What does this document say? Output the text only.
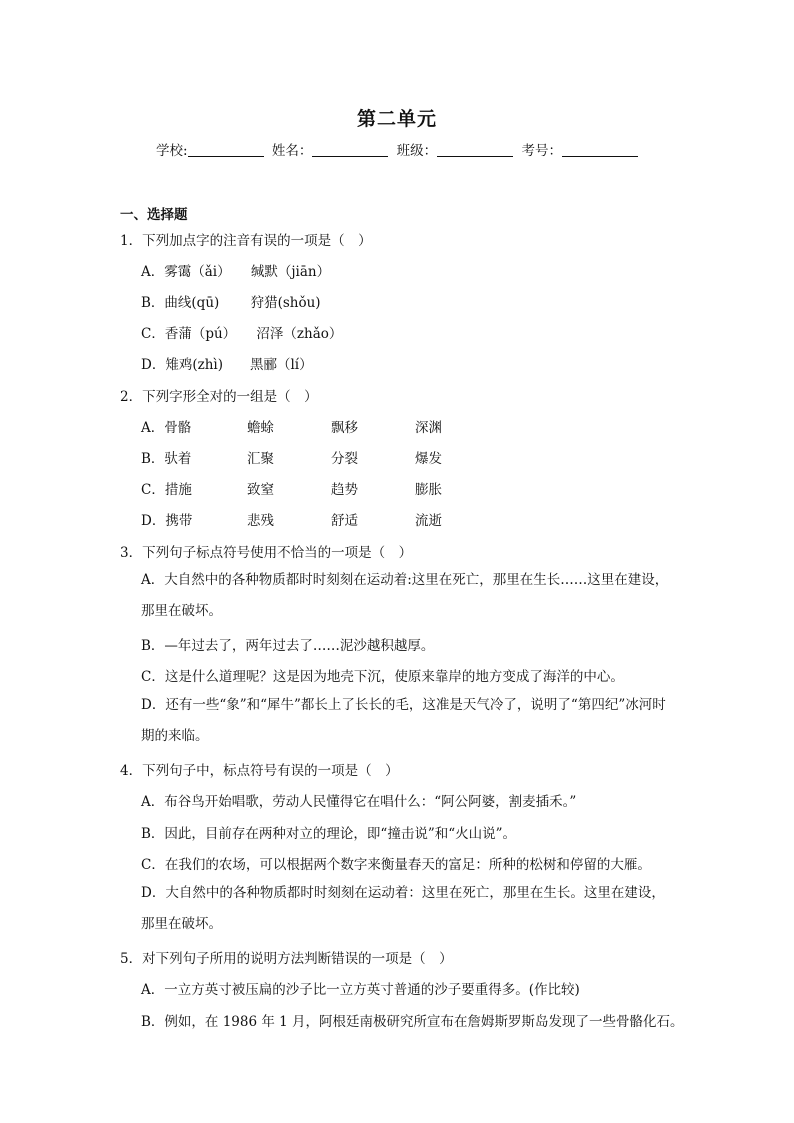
第二单元
学校:	姓名：	班级：	考号：
一、选择题
1．下列加点字的注音有误的一项是（　）
A．雾霭（ǎi）　　缄默（jiān）
B．曲线(qū)　　 狩猎(shǒu)
C．香蒲（pú）　　沼泽（zhǎo）
D．雉鸡(zhì)　　黑郦（lí）
2．下列字形全对的一组是（　）
A．骨骼	蟾蜍	飘移	深渊
B．驮着	汇聚	分裂	爆发
C．措施	致窒	趋势	膨胀
D．携带	悲残	舒适	流逝
3．下列句子标点符号使用不恰当的一项是（　）
A．大自然中的各种物质都时时刻刻在运动着:这里在死亡，那里在生长……这里在建设，那里在破坏。
B．—年过去了，两年过去了……泥沙越积越厚。
C．这是什么道理呢？这是因为地壳下沉，使原来靠岸的地方变成了海洋的中心。
D．还有一些“象”和“犀牛”都长上了长长的毛，这准是天气冷了，说明了“第四纪”冰河时期的来临。
4．下列句子中，标点符号有误的一项是（　）
A．布谷鸟开始唱歌，劳动人民懂得它在唱什么：“阿公阿婆，割麦插禾。”
B．因此，目前存在两种对立的理论，即“撞击说”和“火山说”。
C．在我们的农场，可以根据两个数字来衡量春天的富足：所种的松树和停留的大雁。
D．大自然中的各种物质都时时刻刻在运动着：这里在死亡，那里在生长。这里在建设，那里在破坏。
5．对下列句子所用的说明方法判断错误的一项是（　）
A．一立方英寸被压扁的沙子比一立方英寸普通的沙子要重得多。(作比较)
B．例如，在 1986 年 1 月，阿根廷南极研究所宣布在詹姆斯罗斯岛发现了一些骨骼化石。
